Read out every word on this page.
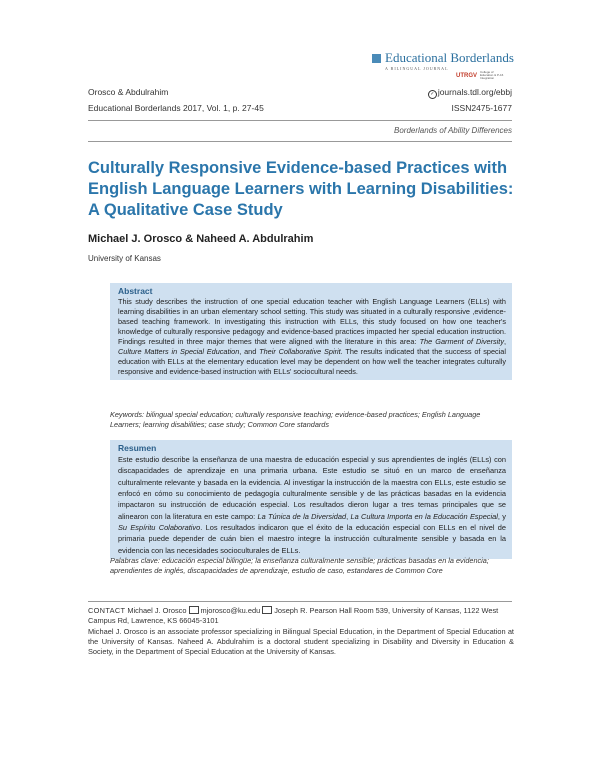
Educational Borderlands
A BILINGUAL JOURNAL
UTRGV
College of Education & P-16 Integration
Orosco & Abdulrahim
Educational Borderlands 2017, Vol. 1, p. 27-45
✓ journals.tdl.org/ebbj
ISSN2475-1677
Borderlands of Ability Differences
Culturally Responsive Evidence-based Practices with English Language Learners with Learning Disabilities: A Qualitative Case Study
Michael J. Orosco & Naheed A. Abdulrahim
University of Kansas
Abstract

This study describes the instruction of one special education teacher with English Language Learners (ELLs) with learning disabilities in an urban elementary school setting. This study was situated in a culturally responsive ,evidence-based teaching framework. In investigating this instruction with ELLs, this study focused on how one teacher's knowledge of culturally responsive pedagogy and evidence-based practices impacted her special education instruction. Findings resulted in three major themes that were aligned with the literature in this area: The Garment of Diversity, Culture Matters in Special Education, and Their Collaborative Spirit. The results indicated that the success of special education with ELLs at the elementary education level may be dependent on how well the teacher integrates culturally responsive and evidence-based instruction with ELLs' sociocultural needs.

Keywords: bilingual special education; culturally responsive teaching; evidence-based practices; English Language Learners; learning disabilities; case study; Common Core standards

Resumen

Este estudio describe la enseñanza de una maestra de educación especial y sus aprendientes de inglés (ELLs) con discapacidades de aprendizaje en una primaria urbana. Este estudio se situó en un marco de enseñanza culturalmente relevante y basada en la evidencia. Al investigar la instrucción de la maestra con ELLs, este estudio se enfocó en cómo su conocimiento de pedagogía culturalmente sensible y de las prácticas basadas en la evidencia impactaron su instrucción de educación especial. Los resultados dieron lugar a tres temas principales que se alinearon con la literatura en este campo: La Túnica de la Diversidad, La Cultura Importa en la Educación Especial, y Su Espíritu Colaborativo. Los resultados indicaron que el éxito de la educación especial con ELLs en el nivel de primaria puede depender de cuán bien el maestro integre la instrucción culturalmente sensible y basada en la evidencia con las necesidades socioculturales de ELLs.

Palabras clave: educación especial bilingüe; la enseñanza culturalmente sensible; prácticas basadas en la evidencia; aprendientes de inglés, discapacidades de aprendizaje, estudio de caso, estandares de Common Core

CONTACT Michael J. Orosco mjorosco@ku.edu Joseph R. Pearson Hall Room 539, University of Kansas, 1122 West Campus Rd, Lawrence, KS 66045-3101

Michael J. Orosco is an associate professor specializing in Bilingual Special Education, in the Department of Special Education at the University of Kansas. Naheed A. Abdulrahim is a doctoral student specializing in Disability and Diversity in Education & Society, in the Department of Special Education at the University of Kansas.
